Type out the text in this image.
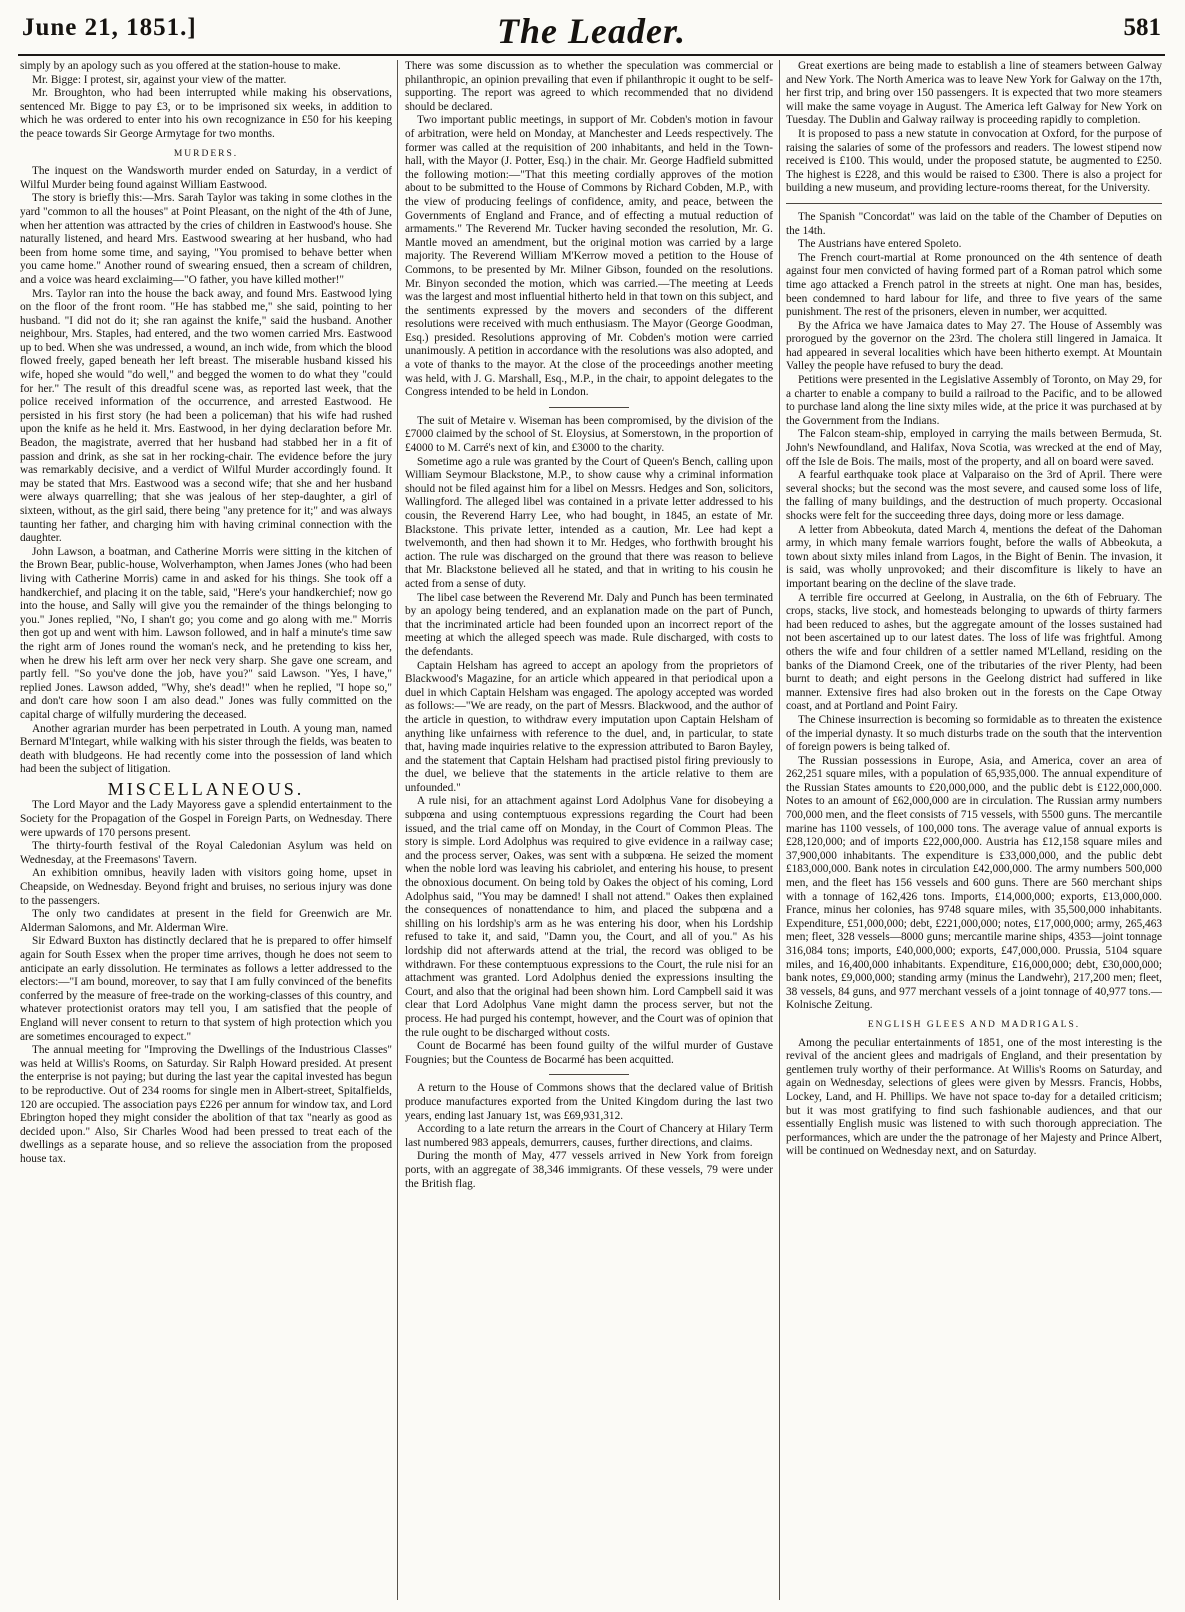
June 21, 1851.]	The Leader.	581

simply by an apology such as you offered at the station-house to make.

Mr. Bigge: I protest, sir, against your view of the matter.

Mr. Broughton, who had been interrupted while making his observations, sentenced Mr. Bigge to pay £3, or to be imprisoned six weeks, in addition to which he was ordered to enter into his own recognizance in £50 for his keeping the peace towards Sir George Armytage for two months.

MURDERS.

The inquest on the Wandsworth murder ended on Saturday, in a verdict of Wilful Murder being found against William Eastwood.

The story is briefly this:—Mrs. Sarah Taylor was taking in some clothes in the yard "common to all the houses" at Point Pleasant, on the night of the 4th of June, when her attention was attracted by the cries of children in Eastwood's house. She naturally listened, and heard Mrs. Eastwood swearing at her husband, who had been from home some time, and saying, "You promised to behave better when you came home." Another round of swearing ensued, then a scream of children, and a voice was heard exclaiming—"O father, you have killed mother!"

Mrs. Taylor ran into the house the back away, and found Mrs. Eastwood lying on the floor of the front room. "He has stabbed me," she said, pointing to her husband. "I did not do it; she ran against the knife," said the husband. Another neighbour, Mrs. Staples, had entered, and the two women carried Mrs. Eastwood up to bed. When she was undressed, a wound, an inch wide, from which the blood flowed freely, gaped beneath her left breast. The miserable husband kissed his wife, hoped she would "do well," and begged the women to do what they "could for her." The result of this dreadful scene was, as reported last week, that the police received information of the occurrence, and arrested Eastwood. He persisted in his first story (he had been a policeman) that his wife had rushed upon the knife as he held it. Mrs. Eastwood, in her dying declaration before Mr. Beadon, the magistrate, averred that her husband had stabbed her in a fit of passion and drink, as she sat in her rocking-chair. The evidence before the jury was remarkably decisive, and a verdict of Wilful Murder accordingly found. It may be stated that Mrs. Eastwood was a second wife; that she and her husband were always quarrelling; that she was jealous of her step-daughter, a girl of sixteen, without, as the girl said, there being "any pretence for it;" and was always taunting her father, and charging him with having criminal connection with the daughter.

John Lawson, a boatman, and Catherine Morris were sitting in the kitchen of the Brown Bear, public-house, Wolverhampton, when James Jones (who had been living with Catherine Morris) came in and asked for his things. She took off a handkerchief, and placing it on the table, said, "Here's your handkerchief; now go into the house, and Sally will give you the remainder of the things belonging to you." Jones replied, "No, I shan't go; you come and go along with me." Morris then got up and went with him. Lawson followed, and in half a minute's time saw the right arm of Jones round the woman's neck, and he pretending to kiss her, when he drew his left arm over her neck very sharp. She gave one scream, and partly fell. "So you've done the job, have you?" said Lawson. "Yes, I have," replied Jones. Lawson added, "Why, she's dead!" when he replied, "I hope so," and don't care how soon I am also dead." Jones was fully committed on the capital charge of wilfully murdering the deceased.

Another agrarian murder has been perpetrated in Louth. A young man, named Bernard M'Integart, while walking with his sister through the fields, was beaten to death with bludgeons. He had recently come into the possession of land which had been the subject of litigation.

MISCELLANEOUS.

The Lord Mayor and the Lady Mayoress gave a splendid entertainment to the Society for the Propagation of the Gospel in Foreign Parts, on Wednesday. There were upwards of 170 persons present.

The thirty-fourth festival of the Royal Caledonian Asylum was held on Wednesday, at the Freemasons' Tavern.

An exhibition omnibus, heavily laden with visitors going home, upset in Cheapside, on Wednesday. Beyond fright and bruises, no serious injury was done to the passengers.

The only two candidates at present in the field for Greenwich are Mr. Alderman Salomons, and Mr. Alderman Wire.

Sir Edward Buxton has distinctly declared that he is prepared to offer himself again for South Essex when the proper time arrives, though he does not seem to anticipate an early dissolution. He terminates as follows a letter addressed to the electors:—"I am bound, moreover, to say that I am fully convinced of the benefits conferred by the measure of free-trade on the working-classes of this country, and whatever protectionist orators may tell you, I am satisfied that the people of England will never consent to return to that system of high protection which you are sometimes encouraged to expect."

The annual meeting for "Improving the Dwellings of the Industrious Classes" was held at Willis's Rooms, on Saturday. Sir Ralph Howard presided. At present the enterprise is not paying; but during the last year the capital invested has begun to be reproductive. Out of 234 rooms for single men in Albert-street, Spitalfields, 120 are occupied. The association pays £226 per annum for window tax, and Lord Ebrington hoped they might consider the abolition of that tax "nearly as good as decided upon." Also, Sir Charles Wood had been pressed to treat each of the dwellings as a separate house, and so relieve the association from the proposed house tax.

There was some discussion as to whether the speculation was commercial or philanthropic, an opinion prevailing that even if philanthropic it ought to be self-supporting. The report was agreed to which recommended that no dividend should be declared.

Two important public meetings, in support of Mr. Cobden's motion in favour of arbitration, were held on Monday, at Manchester and Leeds respectively. The former was called at the requisition of 200 inhabitants, and held in the Town-hall, with the Mayor (J. Potter, Esq.) in the chair. Mr. George Hadfield submitted the following motion:—"That this meeting cordially approves of the motion about to be submitted to the House of Commons by Richard Cobden, M.P., with the view of producing feelings of confidence, amity, and peace, between the Governments of England and France, and of effecting a mutual reduction of armaments." The Reverend Mr. Tucker having seconded the resolution, Mr. G. Mantle moved an amendment, but the original motion was carried by a large majority. The Reverend William M'Kerrow moved a petition to the House of Commons, to be presented by Mr. Milner Gibson, founded on the resolutions. Mr. Binyon seconded the motion, which was carried.—The meeting at Leeds was the largest and most influential hitherto held in that town on this subject, and the sentiments expressed by the movers and seconders of the different resolutions were received with much enthusiasm. The Mayor (George Goodman, Esq.) presided. Resolutions approving of Mr. Cobden's motion were carried unanimously. A petition in accordance with the resolutions was also adopted, and a vote of thanks to the mayor. At the close of the proceedings another meeting was held, with J. G. Marshall, Esq., M.P., in the chair, to appoint delegates to the Congress intended to be held in London.

The suit of Metaire v. Wiseman has been compromised, by the division of the £7000 claimed by the school of St. Eloysius, at Somerstown, in the proportion of £4000 to M. Carré's next of kin, and £3000 to the charity.

Sometime ago a rule was granted by the Court of Queen's Bench, calling upon William Seymour Blackstone, M.P., to show cause why a criminal information should not be filed against him for a libel on Messrs. Hedges and Son, solicitors, Wallingford. The alleged libel was contained in a private letter addressed to his cousin, the Reverend Harry Lee, who had bought, in 1845, an estate of Mr. Blackstone. This private letter, intended as a caution, Mr. Lee had kept a twelvemonth, and then had shown it to Mr. Hedges, who forthwith brought his action. The rule was discharged on the ground that there was reason to believe that Mr. Blackstone believed all he stated, and that in writing to his cousin he acted from a sense of duty.

The libel case between the Reverend Mr. Daly and Punch has been terminated by an apology being tendered, and an explanation made on the part of Punch, that the incriminated article had been founded upon an incorrect report of the meeting at which the alleged speech was made. Rule discharged, with costs to the defendants.

Captain Helsham has agreed to accept an apology from the proprietors of Blackwood's Magazine, for an article which appeared in that periodical upon a duel in which Captain Helsham was engaged. The apology accepted was worded as follows:—"We are ready, on the part of Messrs. Blackwood, and the author of the article in question, to withdraw every imputation upon Captain Helsham of anything like unfairness with reference to the duel, and, in particular, to state that, having made inquiries relative to the expression attributed to Baron Bayley, and the statement that Captain Helsham had practised pistol firing previously to the duel, we believe that the statements in the article relative to them are unfounded."

A rule nisi, for an attachment against Lord Adolphus Vane for disobeying a subpœna and using contemptuous expressions regarding the Court had been issued, and the trial came off on Monday, in the Court of Common Pleas. The story is simple. Lord Adolphus was required to give evidence in a railway case; and the process server, Oakes, was sent with a subpœna. He seized the moment when the noble lord was leaving his cabriolet, and entering his house, to present the obnoxious document. On being told by Oakes the object of his coming, Lord Adolphus said, "You may be damned! I shall not attend." Oakes then explained the consequences of nonattendance to him, and placed the subpœna and a shilling on his lordship's arm as he was entering his door, when his Lordship refused to take it, and said, "Damn you, the Court, and all of you." As his lordship did not afterwards attend at the trial, the record was obliged to be withdrawn. For these contemptuous expressions to the Court, the rule nisi for an attachment was granted. Lord Adolphus denied the expressions insulting the Court, and also that the original had been shown him. Lord Campbell said it was clear that Lord Adolphus Vane might damn the process server, but not the process. He had purged his contempt, however, and the Court was of opinion that the rule ought to be discharged without costs.

Count de Bocarmé has been found guilty of the wilful murder of Gustave Fougnies; but the Countess de Bocarmé has been acquitted.

A return to the House of Commons shows that the declared value of British produce manufactures exported from the United Kingdom during the last two years, ending last January 1st, was £69,931,312.

According to a late return the arrears in the Court of Chancery at Hilary Term last numbered 983 appeals, demurrers, causes, further directions, and claims.

During the month of May, 477 vessels arrived in New York from foreign ports, with an aggregate of 38,346 immigrants. Of these vessels, 79 were under the British flag.

Great exertions are being made to establish a line of steamers between Galway and New York. The North America was to leave New York for Galway on the 17th, her first trip, and bring over 150 passengers. It is expected that two more steamers will make the same voyage in August. The America left Galway for New York on Tuesday. The Dublin and Galway railway is proceeding rapidly to completion.

It is proposed to pass a new statute in convocation at Oxford, for the purpose of raising the salaries of some of the professors and readers. The lowest stipend now received is £100. This would, under the proposed statute, be augmented to £250. The highest is £228, and this would be raised to £300. There is also a project for building a new museum, and providing lecture-rooms thereat, for the University.

The Spanish "Concordat" was laid on the table of the Chamber of Deputies on the 14th.

The Austrians have entered Spoleto.

The French court-martial at Rome pronounced on the 4th sentence of death against four men convicted of having formed part of a Roman patrol which some time ago attacked a French patrol in the streets at night. One man has, besides, been condemned to hard labour for life, and three to five years of the same punishment. The rest of the prisoners, eleven in number, wer acquitted.

By the Africa we have Jamaica dates to May 27. The House of Assembly was prorogued by the governor on the 23rd. The cholera still lingered in Jamaica. It had appeared in several localities which have been hitherto exempt. At Mountain Valley the people have refused to bury the dead.

Petitions were presented in the Legislative Assembly of Toronto, on May 29, for a charter to enable a company to build a railroad to the Pacific, and to be allowed to purchase land along the line sixty miles wide, at the price it was purchased at by the Government from the Indians.

The Falcon steam-ship, employed in carrying the mails between Bermuda, St. John's Newfoundland, and Halifax, Nova Scotia, was wrecked at the end of May, off the Isle de Bois. The mails, most of the property, and all on board were saved.

A fearful earthquake took place at Valparaiso on the 3rd of April. There were several shocks; but the second was the most severe, and caused some loss of life, the falling of many buildings, and the destruction of much property. Occasional shocks were felt for the succeeding three days, doing more or less damage.

A letter from Abbeokuta, dated March 4, mentions the defeat of the Dahoman army, in which many female warriors fought, before the walls of Abbeokuta, a town about sixty miles inland from Lagos, in the Bight of Benin. The invasion, it is said, was wholly unprovoked; and their discomfiture is likely to have an important bearing on the decline of the slave trade.

A terrible fire occurred at Geelong, in Australia, on the 6th of February. The crops, stacks, live stock, and homesteads belonging to upwards of thirty farmers had been reduced to ashes, but the aggregate amount of the losses sustained had not been ascertained up to our latest dates. The loss of life was frightful. Among others the wife and four children of a settler named M'Lelland, residing on the banks of the Diamond Creek, one of the tributaries of the river Plenty, had been burnt to death; and eight persons in the Geelong district had suffered in like manner. Extensive fires had also broken out in the forests on the Cape Otway coast, and at Portland and Point Fairy.

The Chinese insurrection is becoming so formidable as to threaten the existence of the imperial dynasty. It so much disturbs trade on the south that the intervention of foreign powers is being talked of.

The Russian possessions in Europe, Asia, and America, cover an area of 262,251 square miles, with a population of 65,935,000. The annual expenditure of the Russian States amounts to £20,000,000, and the public debt is £122,000,000. Notes to an amount of £62,000,000 are in circulation. The Russian army numbers 700,000 men, and the fleet consists of 715 vessels, with 5500 guns. The mercantile marine has 1100 vessels, of 100,000 tons. The average value of annual exports is £28,120,000; and of imports £22,000,000. Austria has £12,158 square miles and 37,900,000 inhabitants. The expenditure is £33,000,000, and the public debt £183,000,000. Bank notes in circulation £42,000,000. The army numbers 500,000 men, and the fleet has 156 vessels and 600 guns. There are 560 merchant ships with a tonnage of 162,426 tons. Imports, £14,000,000; exports, £13,000,000. France, minus her colonies, has 9748 square miles, with 35,500,000 inhabitants. Expenditure, £51,000,000; debt, £221,000,000; notes, £17,000,000; army, 265,463 men; fleet, 328 vessels—8000 guns; mercantile marine ships, 4353—joint tonnage 316,084 tons; imports, £40,000,000; exports, £47,000,000. Prussia, 5104 square miles, and 16,400,000 inhabitants. Expenditure, £16,000,000; debt, £30,000,000; bank notes, £9,000,000; standing army (minus the Landwehr), 217,200 men; fleet, 38 vessels, 84 guns, and 977 merchant vessels of a joint tonnage of 40,977 tons.—Kolnische Zeitung.

ENGLISH GLEES AND MADRIGALS.

Among the peculiar entertainments of 1851, one of the most interesting is the revival of the ancient glees and madrigals of England, and their presentation by gentlemen truly worthy of their performance. At Willis's Rooms on Saturday, and again on Wednesday, selections of glees were given by Messrs. Francis, Hobbs, Lockey, Land, and H. Phillips. We have not space to-day for a detailed criticism; but it was most gratifying to find such fashionable audiences, and that our essentially English music was listened to with such thorough appreciation. The performances, which are under the the patronage of her Majesty and Prince Albert, will be continued on Wednesday next, and on Saturday.
